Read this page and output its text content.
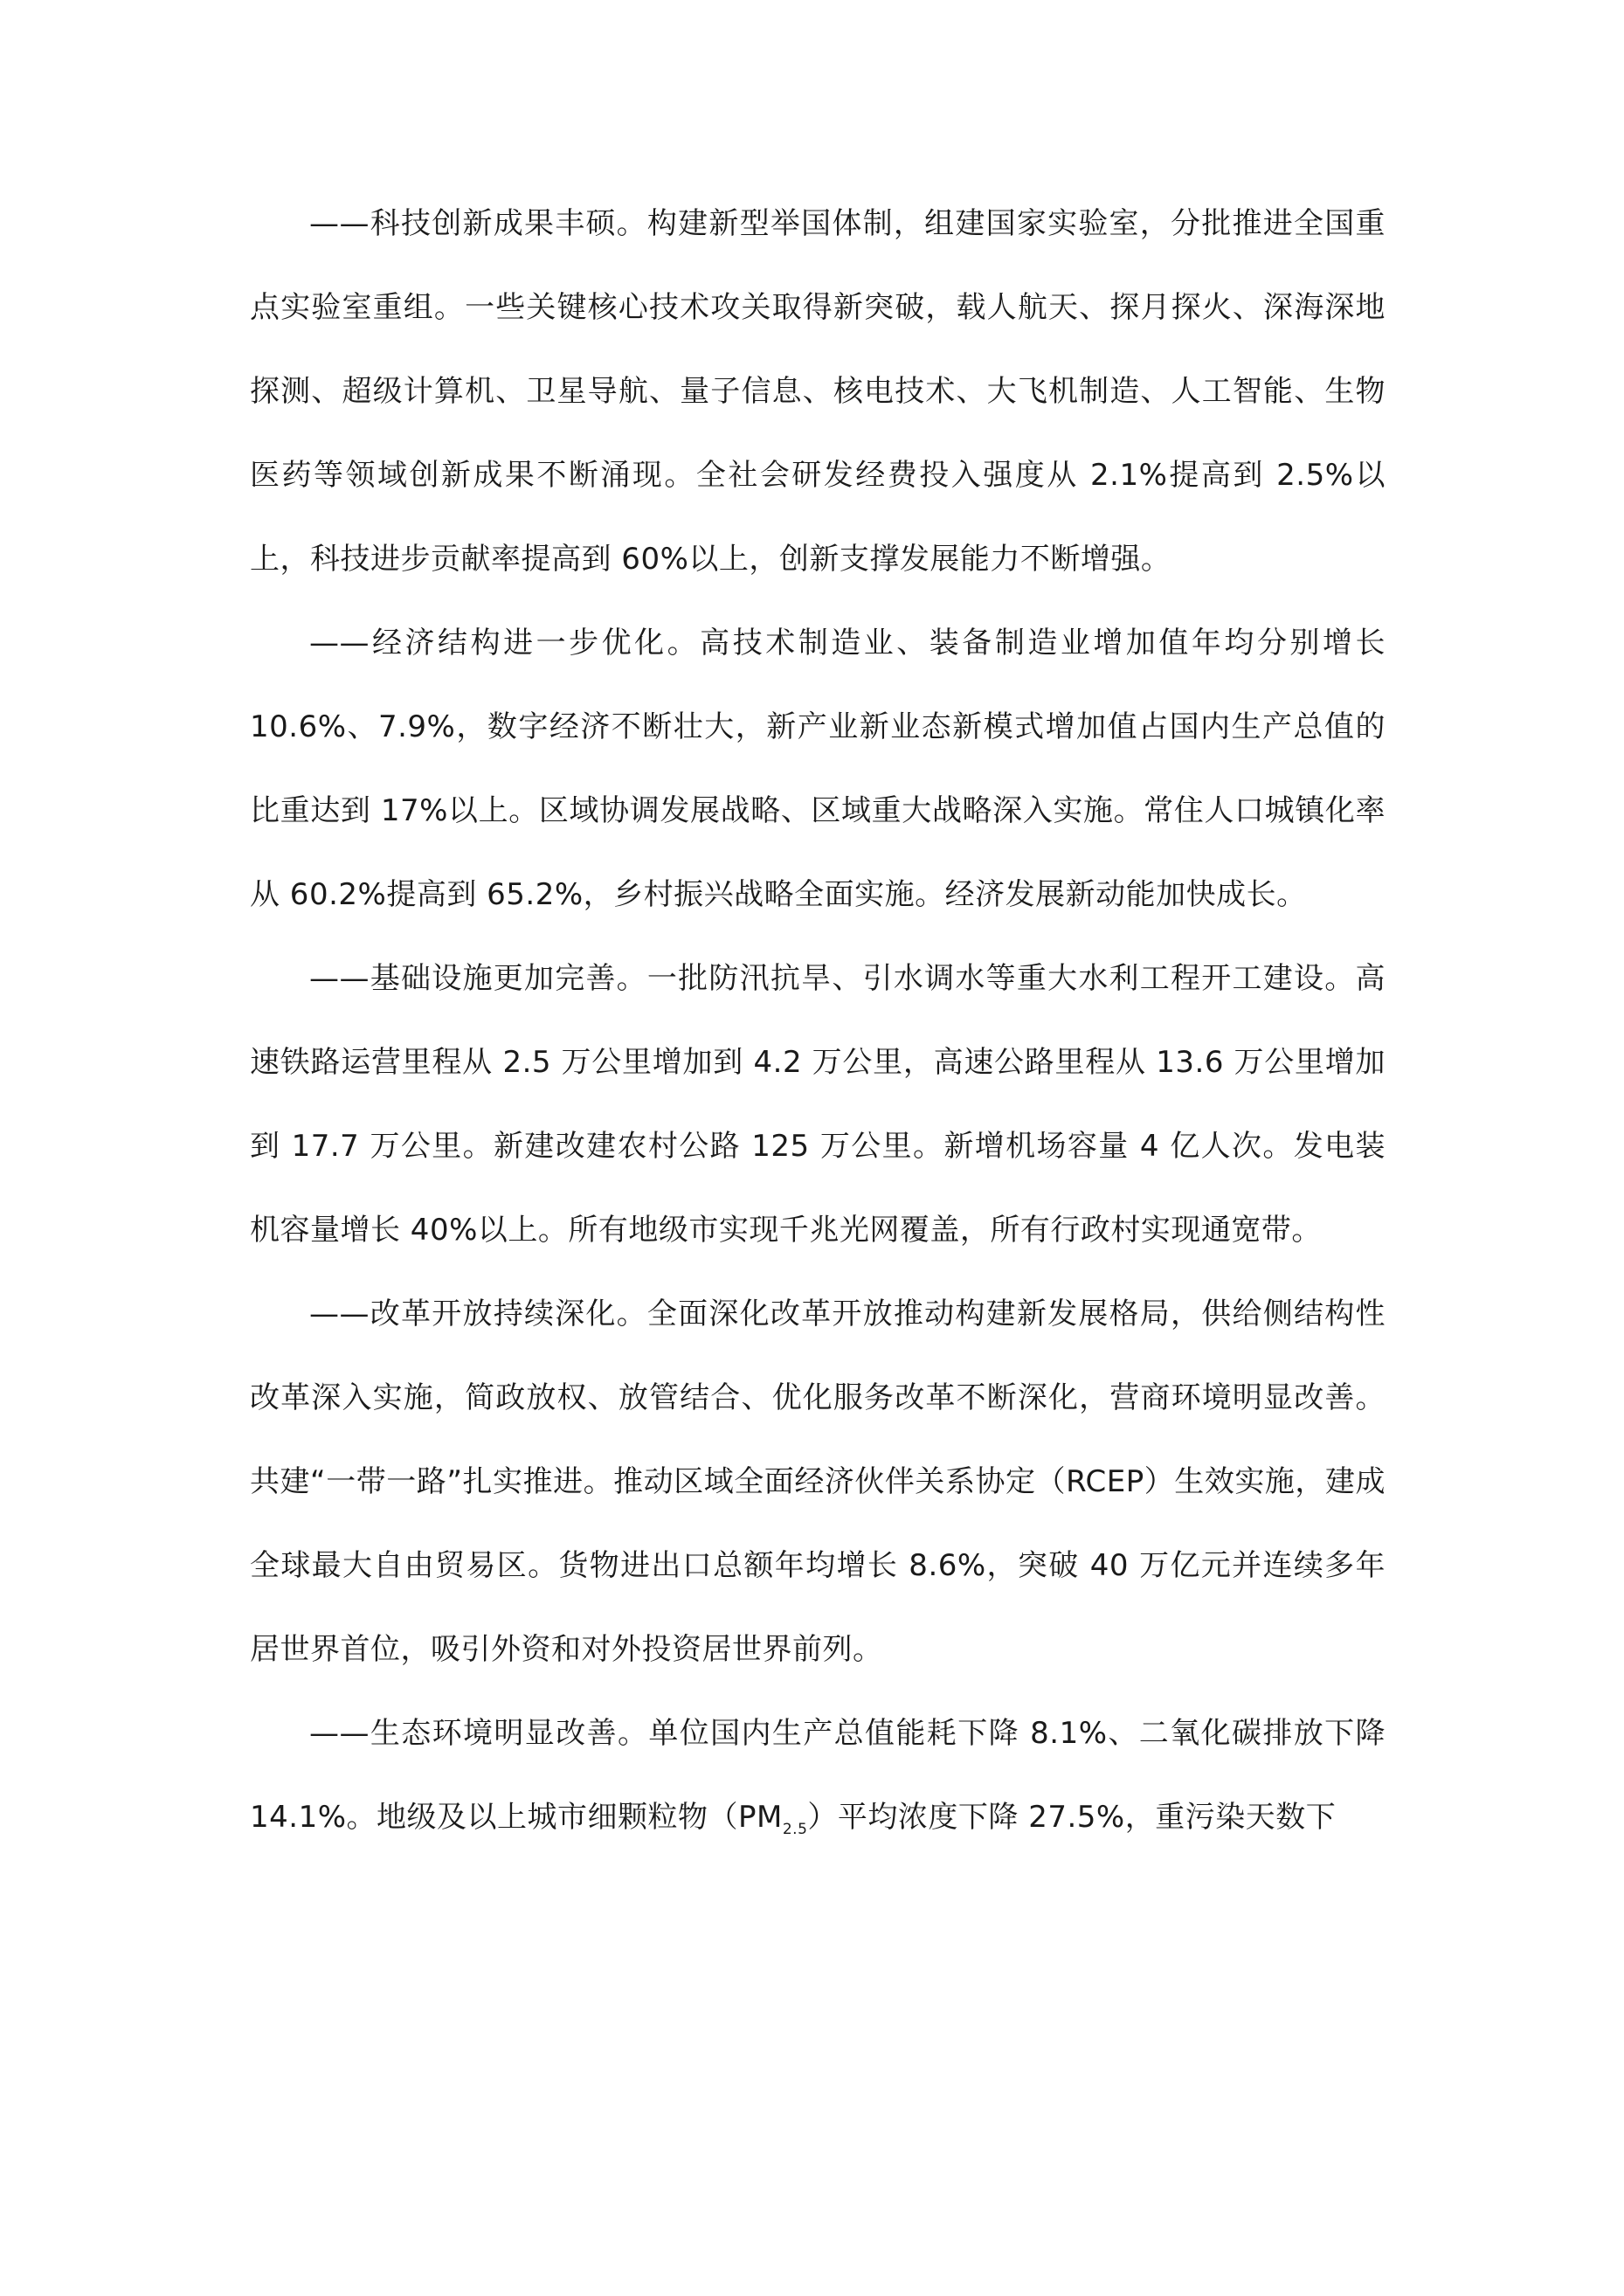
——科技创新成果丰硕。构建新型举国体制，组建国家实验室，分批推进全国重点实验室重组。一些关键核心技术攻关取得新突破，载人航天、探月探火、深海深地探测、超级计算机、卫星导航、量子信息、核电技术、大飞机制造、人工智能、生物医药等领域创新成果不断涌现。全社会研发经费投入强度从 2.1%提高到 2.5%以上，科技进步贡献率提高到 60%以上，创新支撑发展能力不断增强。

——经济结构进一步优化。高技术制造业、装备制造业增加值年均分别增长10.6%、7.9%，数字经济不断壮大，新产业新业态新模式增加值占国内生产总值的比重达到 17%以上。区域协调发展战略、区域重大战略深入实施。常住人口城镇化率从 60.2%提高到 65.2%，乡村振兴战略全面实施。经济发展新动能加快成长。

——基础设施更加完善。一批防汛抗旱、引水调水等重大水利工程开工建设。高速铁路运营里程从 2.5 万公里增加到 4.2 万公里，高速公路里程从 13.6 万公里增加到 17.7 万公里。新建改建农村公路 125 万公里。新增机场容量 4 亿人次。发电装机容量增长 40%以上。所有地级市实现千兆光网覆盖，所有行政村实现通宽带。

——改革开放持续深化。全面深化改革开放推动构建新发展格局，供给侧结构性改革深入实施，简政放权、放管结合、优化服务改革不断深化，营商环境明显改善。共建“一带一路”扎实推进。推动区域全面经济伙伴关系协定（RCEP）生效实施，建成全球最大自由贸易区。货物进出口总额年均增长 8.6%，突破 40 万亿元并连续多年居世界首位，吸引外资和对外投资居世界前列。

——生态环境明显改善。单位国内生产总值能耗下降 8.1%、二氧化碳排放下降 14.1%。地级及以上城市细颗粒物$(PM_{2.5})$平均浓度下降 27.5%，重污染天数下
